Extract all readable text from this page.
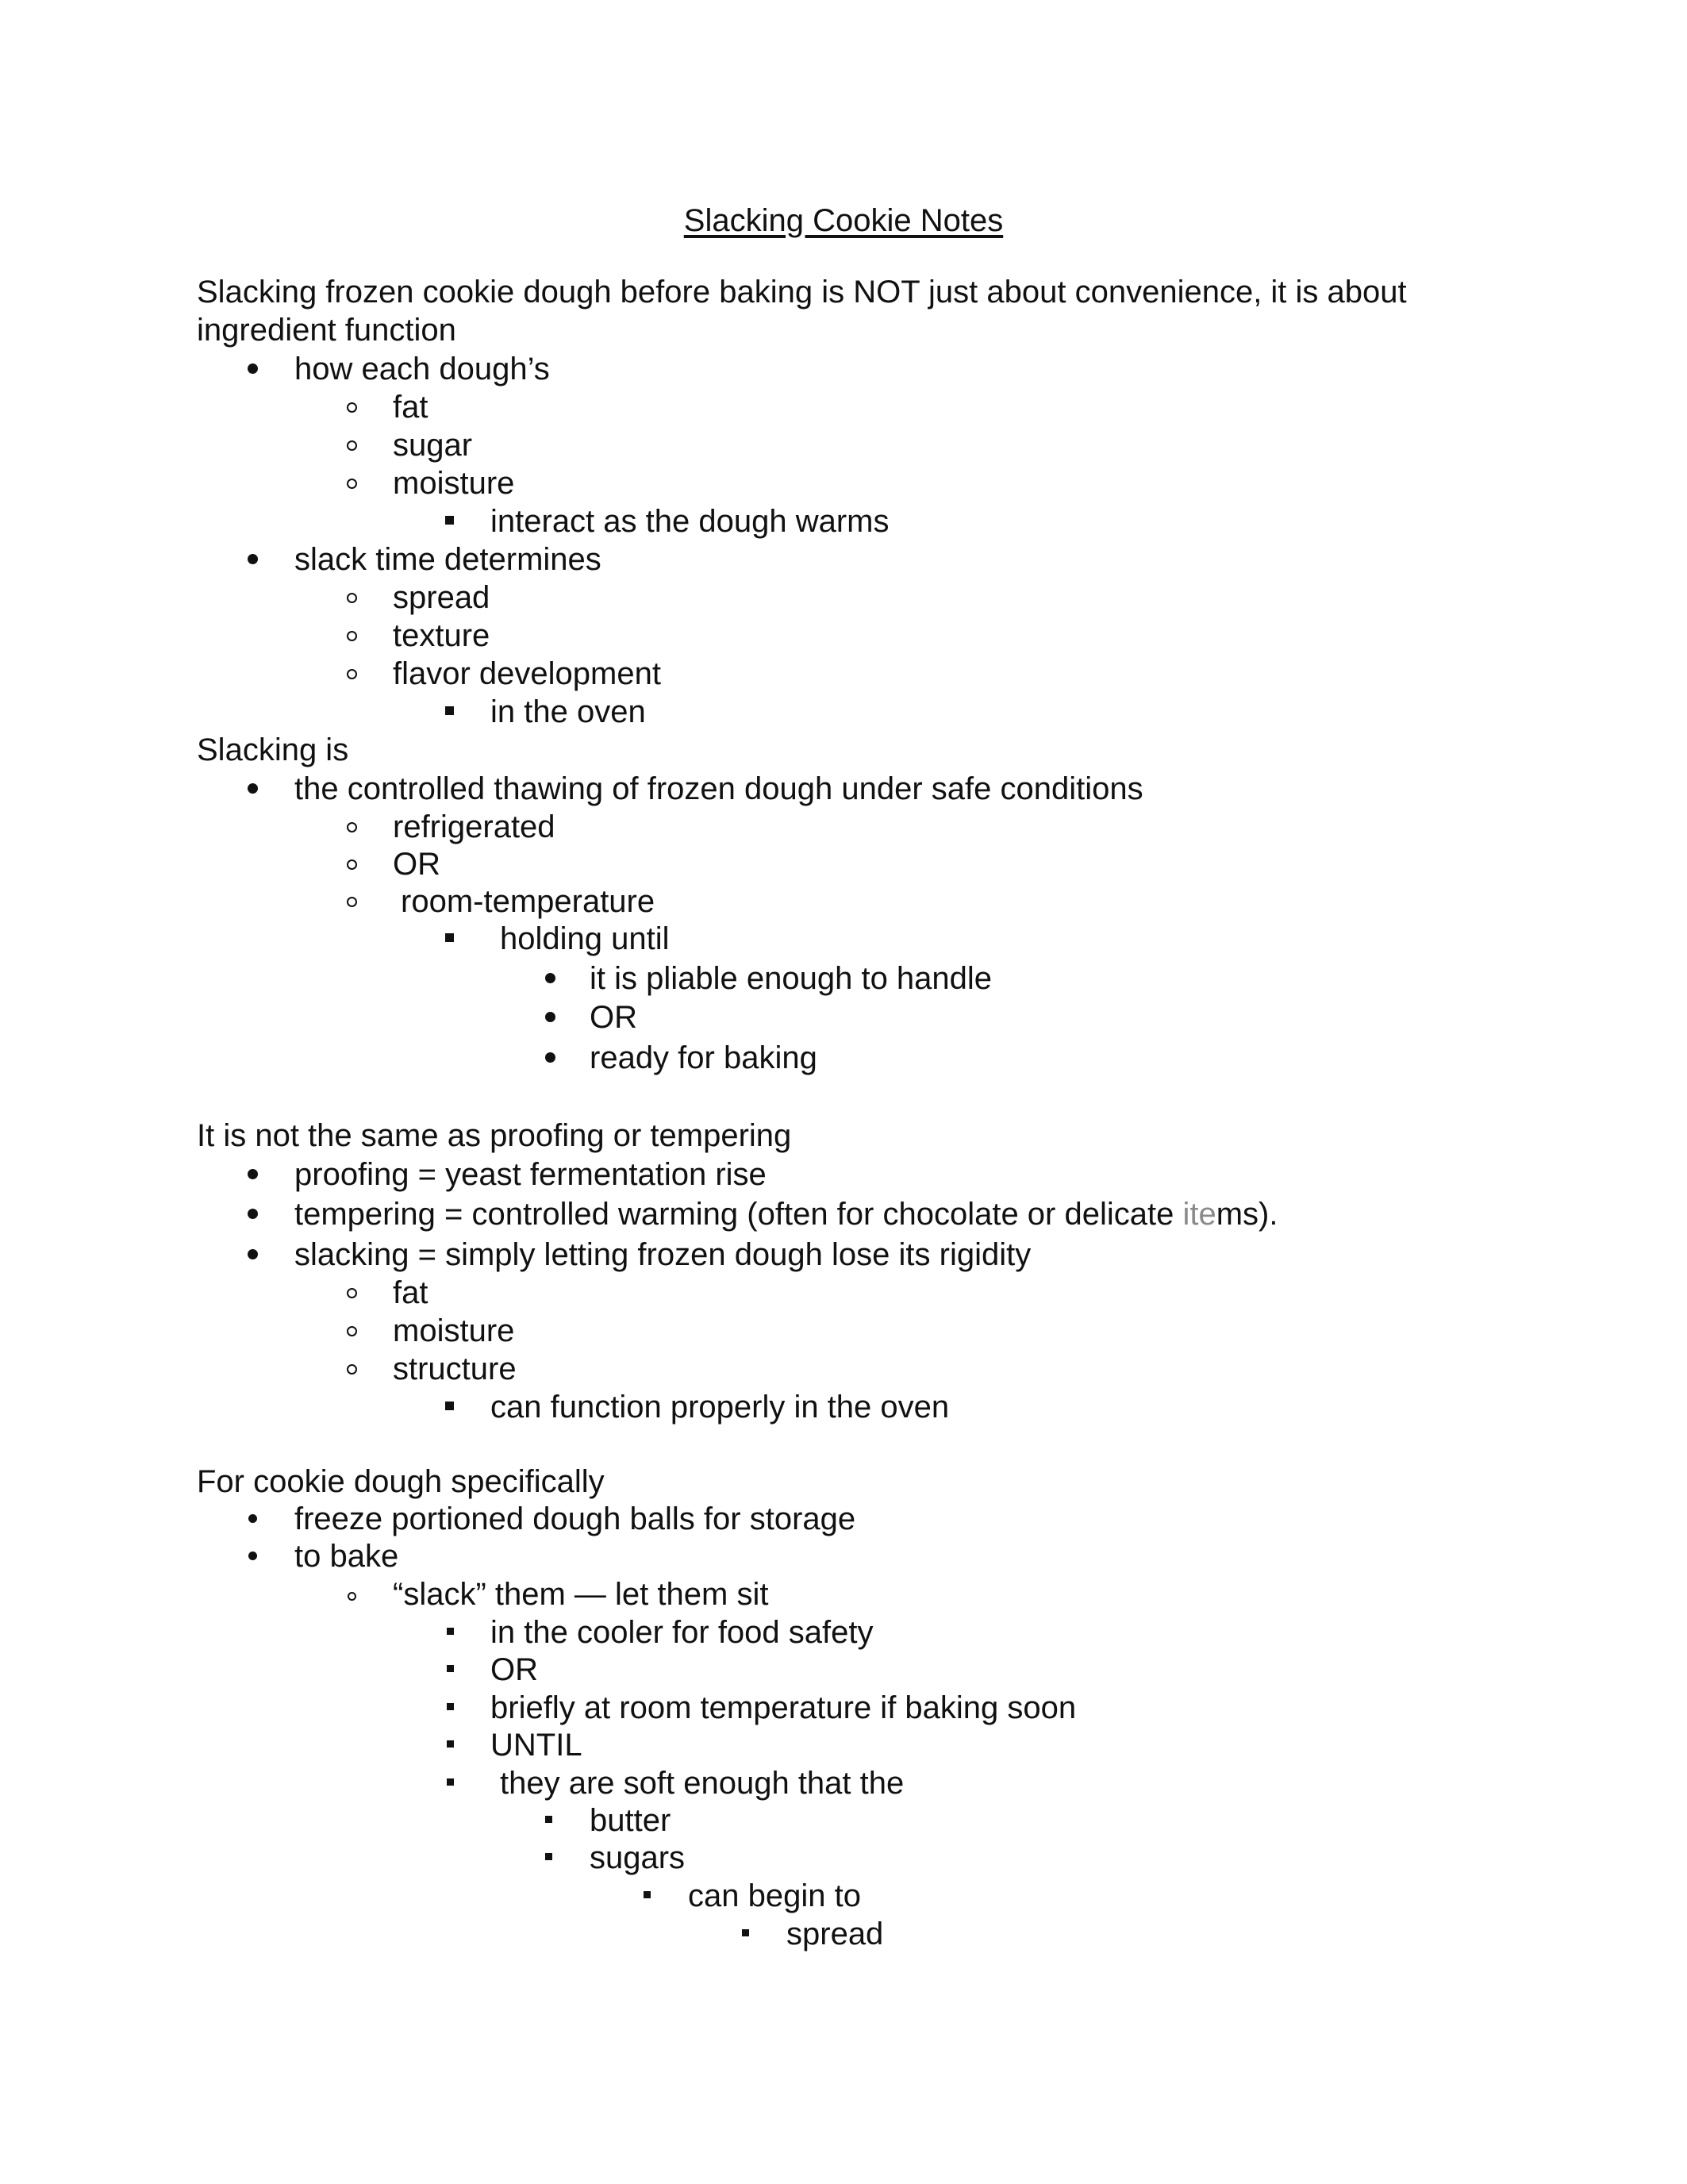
Slacking Cookie Notes
Slacking frozen cookie dough before baking is NOT just about convenience, it is about
ingredient function
how each dough’s
fat
sugar
moisture
interact as the dough warms
slack time determines
spread
texture
flavor development
in the oven
Slacking is
the controlled thawing of frozen dough under safe conditions
refrigerated
OR
room-temperature
holding until
it is pliable enough to handle
OR
ready for baking
It is not the same as proofing or tempering
proofing = yeast fermentation rise
tempering = controlled warming (often for chocolate or delicate items).
slacking = simply letting frozen dough lose its rigidity
fat
moisture
structure
can function properly in the oven
For cookie dough specifically
freeze portioned dough balls for storage
to bake
“slack” them — let them sit
in the cooler for food safety
OR
briefly at room temperature if baking soon
UNTIL
they are soft enough that the
butter
sugars
can begin to
spread
